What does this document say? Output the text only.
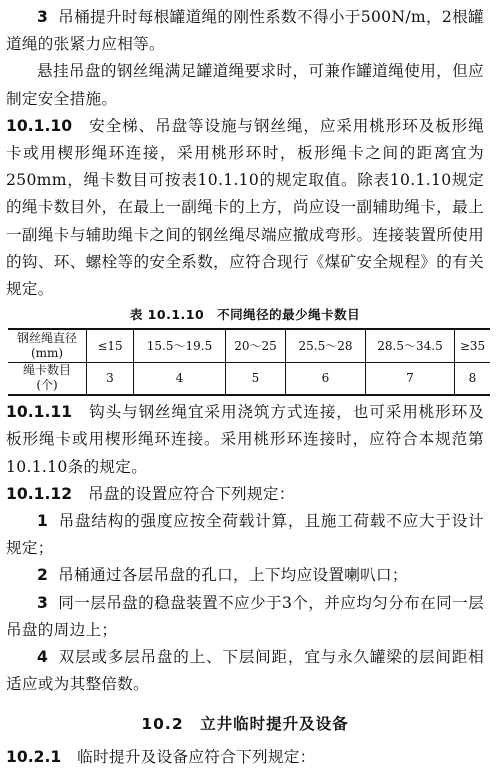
3 吊桶提升时每根罐道绳的刚性系数不得小于500N/m，2根罐道绳的张紧力应相等。

悬挂吊盘的钢丝绳满足罐道绳要求时，可兼作罐道绳使用，但应制定安全措施。

10.1.10　 安全梯、吊盘等设施与钢丝绳，应采用桃形环及板形绳卡或用楔形绳环连接，采用桃形环时，板形绳卡之间的距离宜为250mm，绳卡数目可按表10.1.10的规定取值。除表10.1.10规定的绳卡数目外，在最上一副绳卡的上方，尚应设一副辅助绳卡，最上一副绳卡与辅助绳卡之间的钢丝绳尽端应撤成弯形。连接装置所使用的钩、环、螺栓等的安全系数，应符合现行《煤矿安全规程》的有关规定。

表 10.1.10　不同绳径的最少绳卡数目
钢丝绳直径
(mm)	≤15	15.5～19.5	20～25	25.5～28	28.5～34.5	≥35

绳卡数目
(个)	3	4	5	6	7	8

10.1.11　 钩头与钢丝绳宜采用浇筑方式连接，也可采用桃形环及板形绳卡或用楔形绳环连接。采用桃形环连接时，应符合本规范第10.1.10条的规定。

10.1.12　 吊盘的设置应符合下列规定：

1 吊盘结构的强度应按全荷载计算，且施工荷载不应大于设计规定；

2 吊桶通过各层吊盘的孔口，上下均应设置喇叭口；

3 同一层吊盘的稳盘装置不应少于3个，并应均匀分布在同一层吊盘的周边上；

4 双层或多层吊盘的上、下层间距，宜与永久罐梁的层间距相适应或为其整倍数。

10.2　 立井临时提升及设备

10.2.1　 临时提升及设备应符合下列规定：
